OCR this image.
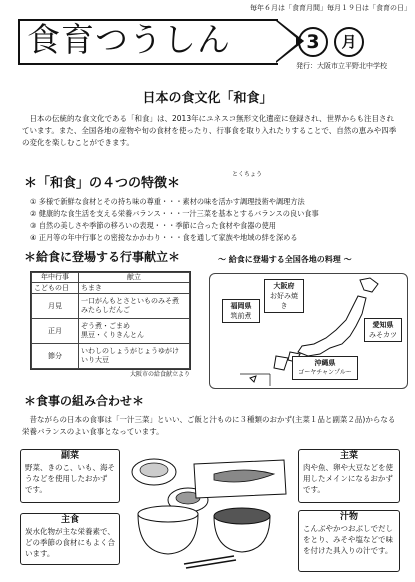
毎年６月は「食育月間」毎月１９日は「食育の日」
食育つうしん	3	月
発行：大阪市立平野北中学校
日本の食文化「和食」
日本の伝統的な食文化である「和食」は、2013年にユネスコ無形文化遺産に登録され、世界からも注目されています。また、全国各地の産物や旬の食材を使ったり、行事食を取り入れたりすることで、自然の恵みや四季の変化を楽しむことができます。
とくちょう
＊「和食」の４つの特徴＊
① 多様で新鮮な食材とその持ち味の尊重・・・素材の味を活かす調理技術や調理方法
② 健康的な食生活を支える栄養バランス・・・一汁三菜を基本とするバランスの良い食事
③ 自然の美しさや季節の移ろいの表現・・・季節に合った食材や食器の使用
④ 正月等の年中行事との密接なかかわり・・・食を通して家族や地域の絆を深める
＊給食に登場する行事献立＊
年中行事	献立
こどもの日	ちまき
月見	一口がんもとさといものみそ煮
みたらしだんご

正月	ぞう煮・ごまめ
黒豆・くりきんとん

節分	いわしのしょうがじょうゆがけ
いり大豆
大阪市の給食献立より
～ 給食に登場する全国各地の料理 ～
大阪府
お好み焼き
福岡県
筑前煮
愛知県
みそカツ
沖縄県
ゴーヤチャンプルー
＊食事の組み合わせ＊
昔ながらの日本の食事は「一汁三菜」といい、ご飯と汁ものに３種類のおかず(主菜１品と副菜２品)からなる栄養バランスのよい食事となっています。
副菜
野菜、きのこ、いも、海そうなどを使用したおかずです。
主菜
肉や魚、卵や大豆などを使用したメインになるおかずです。
主食
炭水化物が主な栄養素で、どの季節の食材にもよく合います。
汁物
こんぶやかつおぶしでだしをとり、みそや塩などで味を付けた具入りの汁です。
